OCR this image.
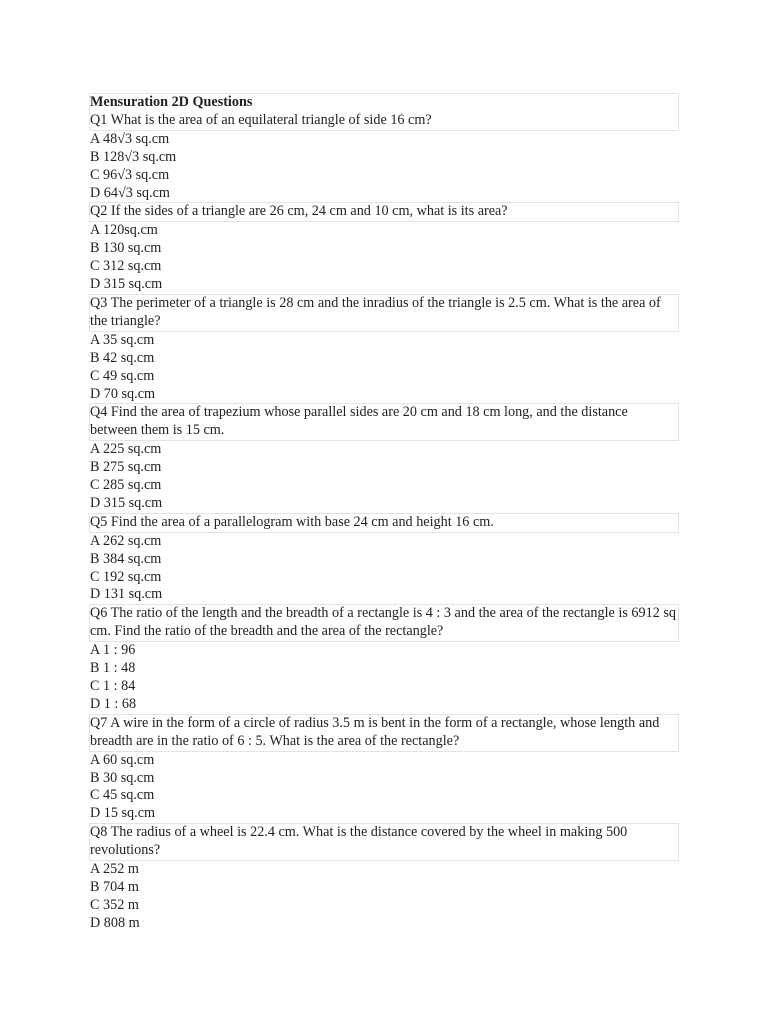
Mensuration 2D Questions
Q1 What is the area of an equilateral triangle of side 16 cm?
A 48√3 sq.cm
B 128√3 sq.cm
C 96√3 sq.cm
D 64√3 sq.cm
Q2 If the sides of a triangle are 26 cm, 24 cm and 10 cm, what is its area?
A 120sq.cm
B 130 sq.cm
C 312 sq.cm
D 315 sq.cm
Q3 The perimeter of a triangle is 28 cm and the inradius of the triangle is 2.5 cm. What is the area of the triangle?
A 35 sq.cm
B 42 sq.cm
C 49 sq.cm
D 70 sq.cm
Q4 Find the area of trapezium whose parallel sides are 20 cm and 18 cm long, and the distance between them is 15 cm.
A 225 sq.cm
B 275 sq.cm
C 285 sq.cm
D 315 sq.cm
Q5 Find the area of a parallelogram with base 24 cm and height 16 cm.
A 262 sq.cm
B 384 sq.cm
C 192 sq.cm
D 131 sq.cm
Q6 The ratio of the length and the breadth of a rectangle is 4 : 3 and the area of the rectangle is 6912 sq cm. Find the ratio of the breadth and the area of the rectangle?
A 1 : 96
B 1 : 48
C 1 : 84
D 1 : 68
Q7 A wire in the form of a circle of radius 3.5 m is bent in the form of a rectangle, whose length and breadth are in the ratio of 6 : 5. What is the area of the rectangle?
A 60 sq.cm
B 30 sq.cm
C 45 sq.cm
D 15 sq.cm
Q8 The radius of a wheel is 22.4 cm. What is the distance covered by the wheel in making 500 revolutions?
A 252 m
B 704 m
C 352 m
D 808 m
